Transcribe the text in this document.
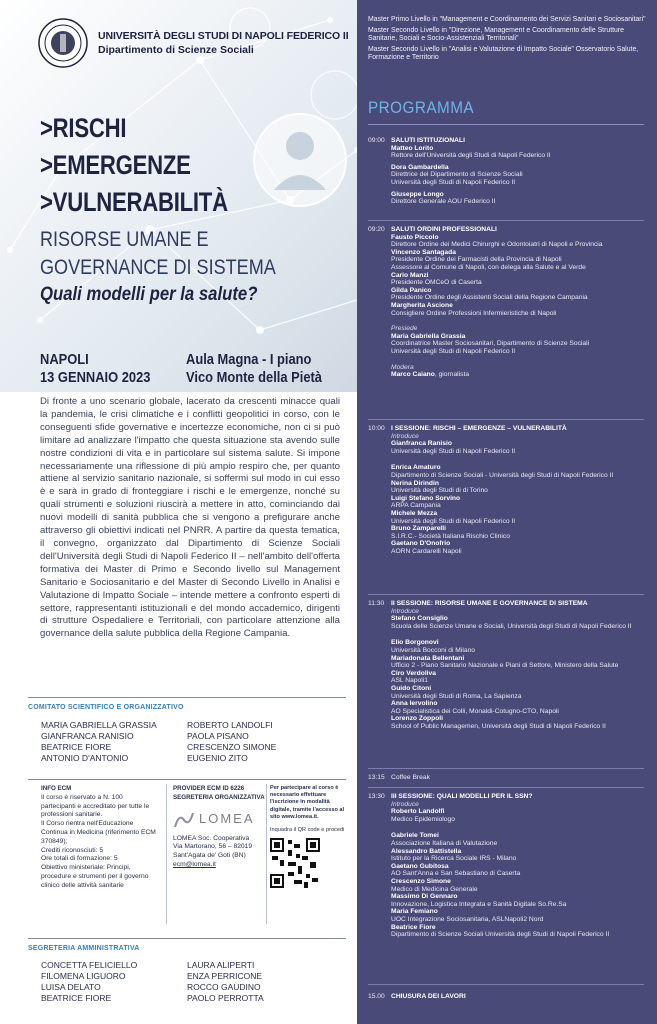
UNIVERSITÀ DEGLI STUDI DI NAPOLI FEDERICO II
Dipartimento di Scienze Sociali
>RISCHI
>EMERGENZE
>VULNERABILITÀ
RISORSE UMANE E
GOVERNANCE DI SISTEMA
Quali modelli per la salute?
NAPOLI
13 GENNAIO 2023
Aula Magna - I piano
Vico Monte della Pietà
Di fronte a uno scenario globale, lacerato da crescenti minacce quali la pandemia, le crisi climatiche e i conflitti geopolitici in corso, con le conseguenti sfide governative e incertezze economiche, non ci si può limitare ad analizzare l'impatto che questa situazione sta avendo sulle nostre condizioni di vita e in particolare sul sistema salute. Si impone necessariamente una riflessione di più ampio respiro che, per quanto attiene al servizio sanitario nazionale, si soffermi sul modo in cui esso è e sarà in grado di fronteggiare i rischi e le emergenze, nonché su quali strumenti e soluzioni riuscirà a mettere in atto, cominciando dai nuovi modelli di sanità pubblica che si vengono a prefigurare anche attraverso gli obiettivi indicati nel PNRR. A partire da questa tematica, il convegno, organizzato dal Dipartimento di Scienze Sociali dell'Università degli Studi di Napoli Federico II – nell'ambito dell'offerta formativa dei Master di Primo e Secondo livello sul Management Sanitario e Sociosanitario e del Master di Secondo Livello in Analisi e Valutazione di Impatto Sociale – intende mettere a confronto esperti di settore, rappresentanti istituzionali e del mondo accademico, dirigenti di strutture Ospedaliere e Territoriali, con particolare attenzione alla governance della salute pubblica della Regione Campania.
COMITATO SCIENTIFICO E ORGANIZZATIVO
MARIA GABRIELLA GRASSIA	ROBERTO LANDOLFI
GIANFRANCA RANISIO	PAOLA PISANO
BEATRICE FIORE	CRESCENZO SIMONE
ANTONIO D'ANTONIO	EUGENIO ZITO
INFO ECM
Il corso è riservato a N. 100 partecipanti e accreditato per tutte le professioni sanitarie.
Il Corso rientra nell'Educazione Continua in Medicina (riferimento ECM 370849);
Crediti riconosciuti: 5
Ore totali di formazione: 5
Obiettivo ministeriale: Principi, procedure e strumenti per il governo clinico delle attività sanitarie
PROVIDER ECM ID 6226 SEGRETERIA ORGANIZZATIVA
LOMEA
LOMEA Soc. Cooperativa
Via Martorano, 56 – 82019
Sant'Agata de' Goti (BN)
ecm@lomea.it
Per partecipare al corso è necessario effettuare l'iscrizione in modalità digitale, tramite l'accesso al sito www.lomea.it.
Inquadra il QR code e procedi
SEGRETERIA AMMINISTRATIVA
CONCETTA FELICIELLO	LAURA ALIPERTI
FILOMENA LIGUORO	ENZA PERRICONE
LUISA DELATO	ROCCO GAUDINO
BEATRICE FIORE	PAOLO PERROTTA
Master Primo Livello in "Management e Coordinamento dei Servizi Sanitari e Sociosanitari"
Master Secondo Livello in "Direzione, Management e Coordinamento delle Strutture Sanitarie, Sociali e Socio-Assistenziali Territoriali"
Master Secondo Livello in "Analisi e Valutazione di Impatto Sociale" Osservatorio Salute, Formazione e Territorio
PROGRAMMA
09:00 SALUTI ISTITUZIONALI
Matteo Lorito
Rettore dell'Università degli Studi di Napoli Federico II
Dora Gambardella
Direttrice del Dipartimento di Scienze Sociali
Università degli Studi di Napoli Federico II
Giuseppe Longo
Direttore Generale AOU Federico II
09:20 SALUTI ORDINI PROFESSIONALI
Fausto Piccolo
Direttore Ordine dei Medici Chirurghi e Odontoiatri di Napoli e Provincia
Vincenzo Santagada
Presidente Ordine dei Farmacisti della Provincia di Napoli
Assessore al Comune di Napoli, con delega alla Salute e al Verde
Carlo Manzi
Presidente OMCeO di Caserta
Gilda Panico
Presidente Ordine degli Assistenti Sociali della Regione Campania
Margherita Ascione
Consigliere Ordine Professioni Infermieristiche di Napoli
Presiede
Maria Gabriella Grassia
Coordinatrice Master Sociosanitari, Dipartimento di Scienze Sociali
Università degli Studi di Napoli Federico II
Modera
Marco Caiano, giornalista
10:00 I SESSIONE: RISCHI – EMERGENZE – VULNERABILITÀ
Introduce
Gianfranca Ranisio
Università degli Studi di Napoli Federico II
Enrica Amaturo
Dipartimento di Scienze Sociali - Università degli Studi di Napoli Federico II
Nerina Dirindin
Università degli Studi di di Torino
Luigi Stefano Sorvino
ARPA Campania
Michele Mezza
Università degli Studi di Napoli Federico II
Bruno Zamparelli
S.I.R.C.- Società Italiana Rischio Clinico
Gaetano D'Onofrio
AORN Cardarelli Napoli
11:30	II SESSIONE: RISORSE UMANE E GOVERNANCE DI SISTEMA
Introduce
Stefano Consiglio
Scuola delle Scienze Umane e Sociali, Università degli Studi di Napoli Federico II
Elio Borgonovi
Università Bocconi di Milano
Mariadonata Bellentani
Ufficio 2 - Piano Sanitario Nazionale e Piani di Settore, Ministero della Salute
Ciro Verdoliva
ASL Napoli1
Guido Citoni
Università degli Studi di Roma, La Sapienza
Anna Iervolino
AO Specialistica dei Colli, Monaldi-Cotugno-CTO, Napoli
Lorenzo Zoppoli
School of Public Managemen, Università degli Studi di Napoli Federico II
13:15 Coffee Break
13:30 III SESSIONE: QUALI MODELLI PER IL SSN?
Introduce
Roberto Landolfi
Medico Epidemiologo
Gabriele Tomei
Associazione Italiana di Valutazione
Alessandro Battistella
Istituto per la Ricerca Sociale IRS - Milano
Gaetano Gubitosa
AO Sant'Anna e San Sebastiano di Caserta
Crescenzo Simone
Medico di Medicina Generale
Massimo Di Gennaro
Innovazione, Logistica Integrata e Sanità Digitale So.Re.Sa
Maria Femiano
UOC Integrazione Sociosanitaria, ASLNapoli2 Nord
Beatrice Fiore
Dipartimento di Scienze Sociali Università degli Studi di Napoli Federico II
15.00 CHIUSURA DEI LAVORI
